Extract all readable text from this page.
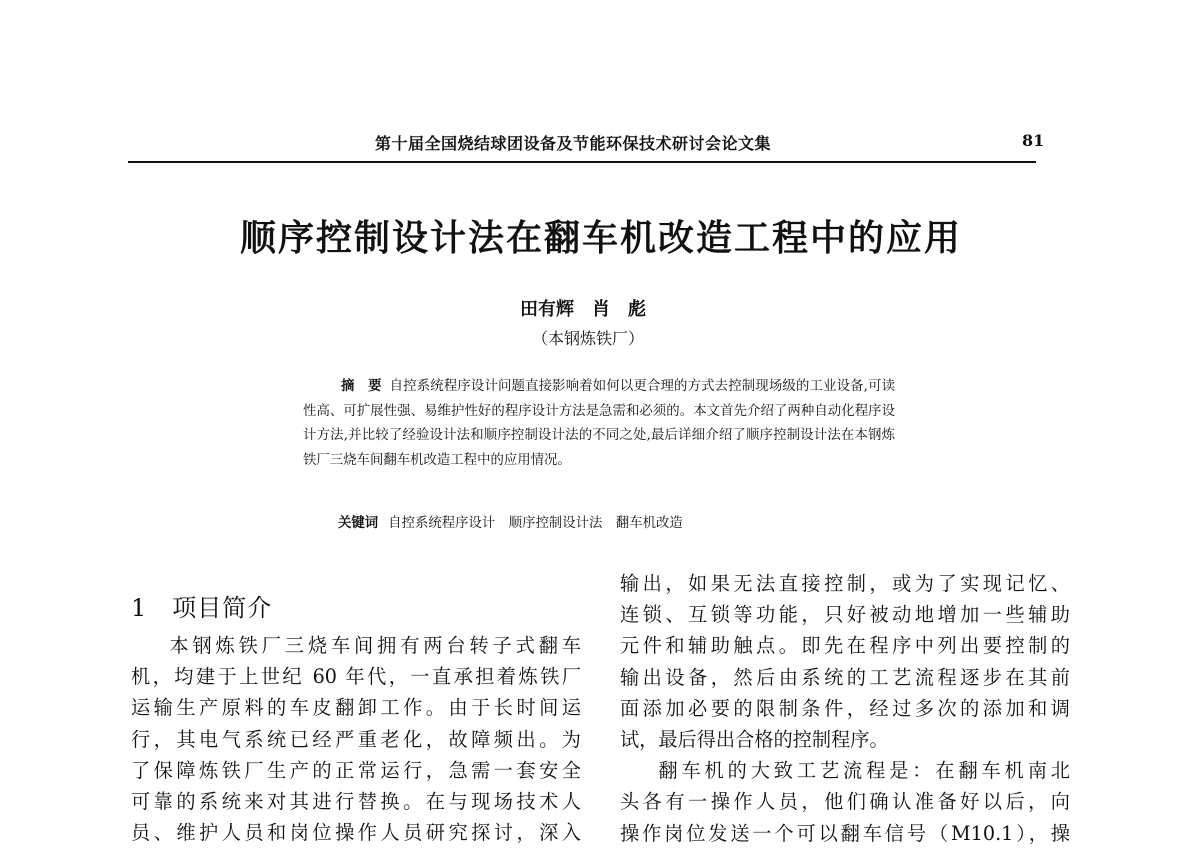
第十届全国烧结球团设备及节能环保技术研讨会论文集	81
顺序控制设计法在翻车机改造工程中的应用
田有辉　肖　彪
（本钢炼铁厂）
摘　要 自控系统程序设计问题直接影响着如何以更合理的方式去控制现场级的工业设备,可读性高、可扩展性强、易维护性好的程序设计方法是急需和必须的。本文首先介绍了两种自动化程序设计方法,并比较了经验设计法和顺序控制设计法的不同之处,最后详细介绍了顺序控制设计法在本钢炼铁厂三烧车间翻车机改造工程中的应用情况。
关键词 自控系统程序设计　顺序控制设计法　翻车机改造
1　项目简介

本钢炼铁厂三烧车间拥有两台转子式翻车

机，均建于上世纪 60 年代，一直承担着炼铁厂

运输生产原料的车皮翻卸工作。由于长时间运

行，其电气系统已经严重老化，故障频出。为

了保障炼铁厂生产的正常运行，急需一套安全

可靠的系统来对其进行替换。在与现场技术人

员、维护人员和岗位操作人员研究探讨，深入

输出，如果无法直接控制，或为了实现记忆、

连锁、互锁等功能，只好被动地增加一些辅助

元件和辅助触点。即先在程序中列出要控制的

输出设备，然后由系统的工艺流程逐步在其前

面添加必要的限制条件，经过多次的添加和调

试，最后得出合格的控制程序。

翻车机的大致工艺流程是：在翻车机南北

头各有一操作人员，他们确认准备好以后，向

操作岗位发送一个可以翻车信号（M10.1），操
